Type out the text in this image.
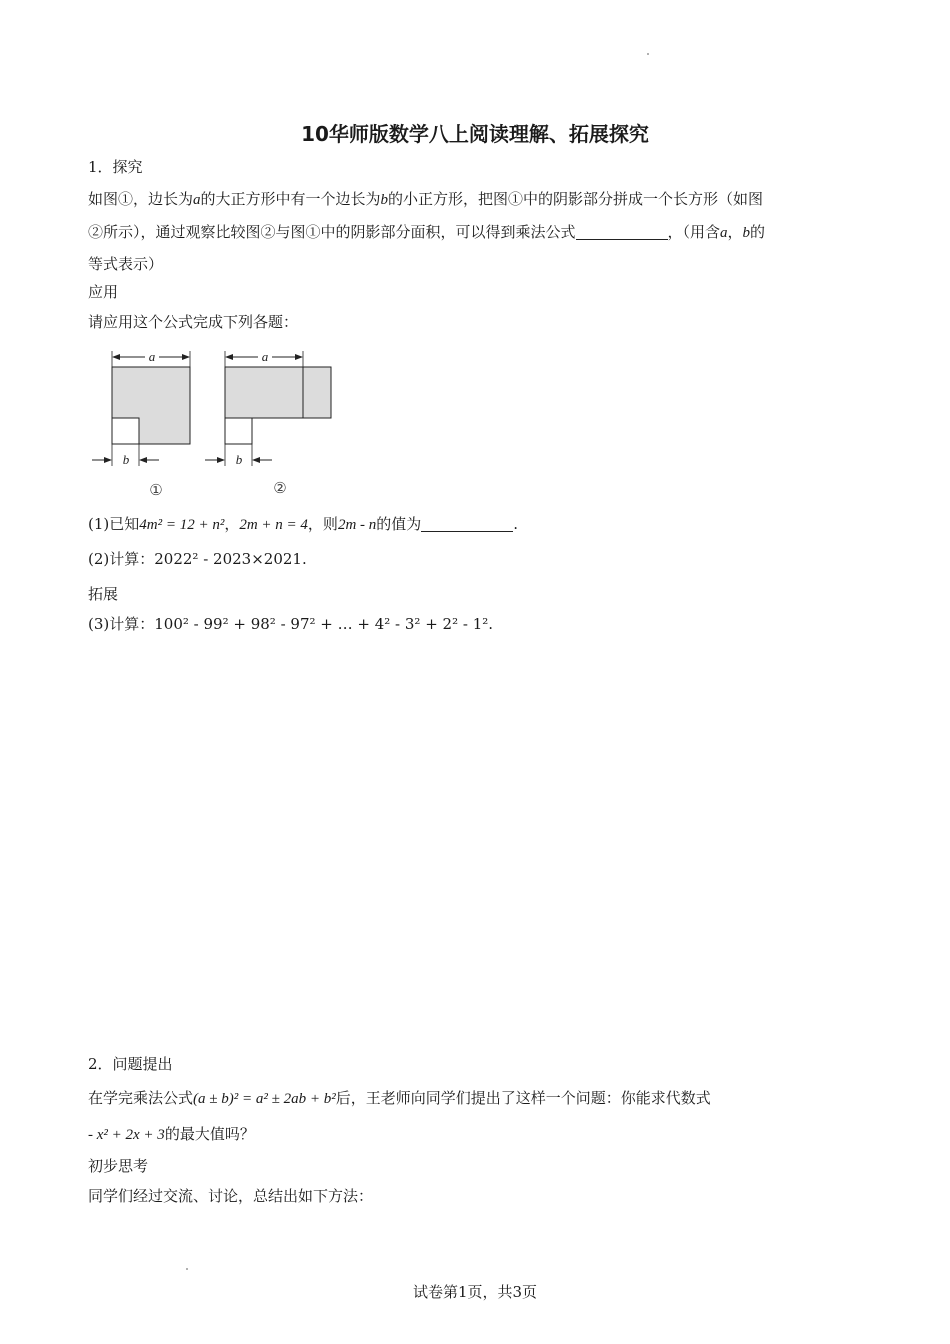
10华师版数学八上阅读理解、拓展探究
1．探究
如图①，边长为a的大正方形中有一个边长为b的小正方形，把图①中的阴影部分拼成一个长方形（如图
②所示），通过观察比较图②与图①中的阴影部分面积，可以得到乘法公式	，（用含a，b的
等式表示）
应用
请应用这个公式完成下列各题：
a
b
①
a
b
②
(1)已知4m² = 12 + n²，2m + n = 4，则2m - n的值为	.
(2)计算：2022² - 2023×2021.
拓展
(3)计算：100² - 99² + 98² - 97² + … + 4² - 3² + 2² - 1².
2．问题提出
在学完乘法公式(a ± b)² = a² ± 2ab + b²后，王老师向同学们提出了这样一个问题：你能求代数式
- x² + 2x + 3的最大值吗？
初步思考
同学们经过交流、讨论，总结出如下方法：
试卷第1页，共3页
